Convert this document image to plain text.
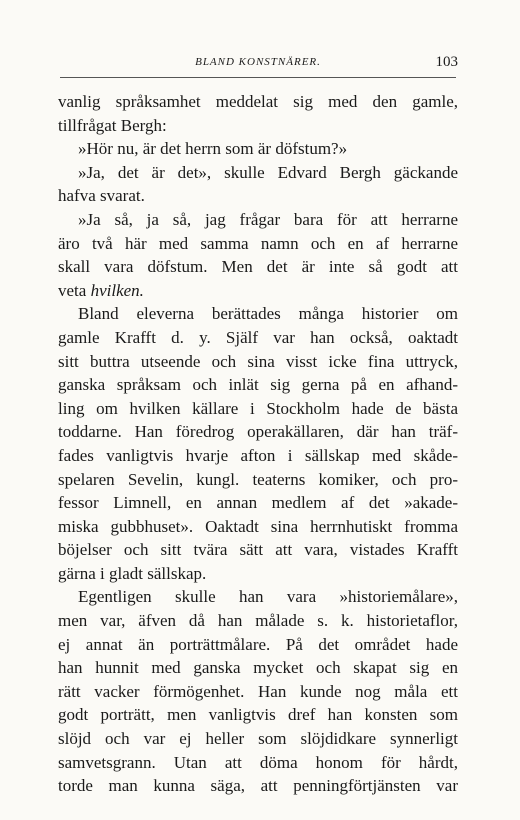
BLAND KONSTNÄRER.	103
vanlig språksamhet meddelat sig med den gamle,
tillfrågat Bergh:
»Hör nu, är det herrn som är döfstum?»
»Ja, det är det», skulle Edvard Bergh gäckande
hafva svarat.
»Ja så, ja så, jag frågar bara för att herrarne
äro två här med samma namn och en af herrarne
skall vara döfstum. Men det är inte så godt att
veta hvilken.
Bland eleverna berättades många historier om
gamle Krafft d. y. Själf var han också, oaktadt
sitt buttra utseende och sina visst icke fina uttryck,
ganska språksam och inlät sig gerna på en afhand-
ling om hvilken källare i Stockholm hade de bästa
toddarne. Han föredrog operakällaren, där han träf-
fades vanligtvis hvarje afton i sällskap med skåde-
spelaren Sevelin, kungl. teaterns komiker, och pro-
fessor Limnell, en annan medlem af det »akade-
miska gubbhuset». Oaktadt sina herrnhutiskt fromma
böjelser och sitt tvära sätt att vara, vistades Krafft
gärna i gladt sällskap.
Egentligen skulle han vara »historiemålare»,
men var, äfven då han målade s. k. historietaflor,
ej annat än porträttmålare. På det området hade
han hunnit med ganska mycket och skapat sig en
rätt vacker förmögenhet. Han kunde nog måla ett
godt porträtt, men vanligtvis dref han konsten som
slöjd och var ej heller som slöjdidkare synnerligt
samvetsgrann. Utan att döma honom för hårdt,
torde man kunna säga, att penningförtjänsten var
